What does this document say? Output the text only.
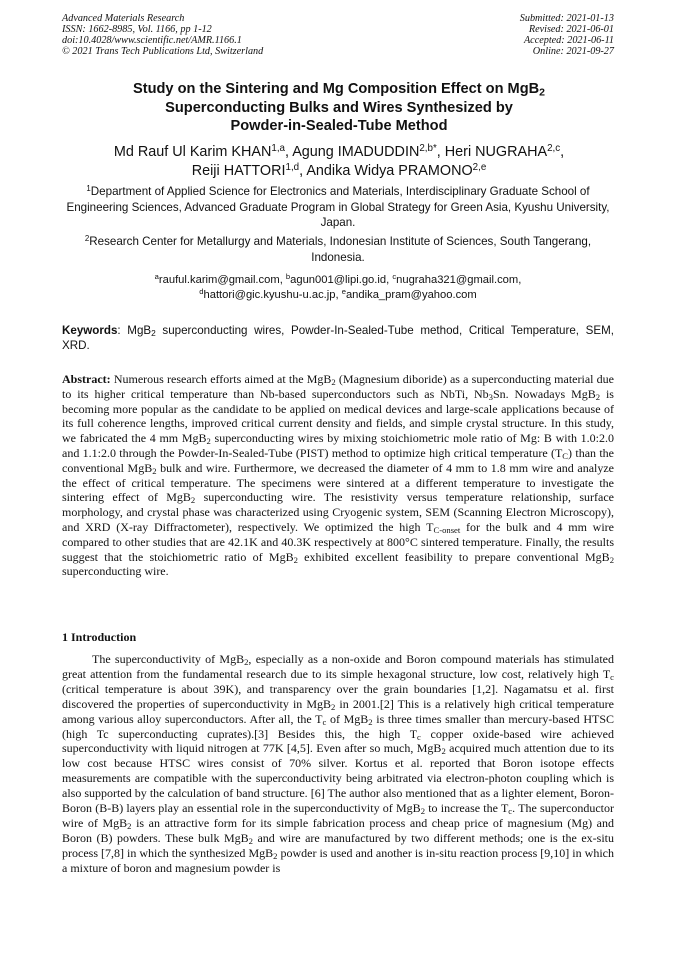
Advanced Materials Research
ISSN: 1662-8985, Vol. 1166, pp 1-12
doi:10.4028/www.scientific.net/AMR.1166.1
© 2021 Trans Tech Publications Ltd, Switzerland
Submitted: 2021-01-13
Revised: 2021-06-01
Accepted: 2021-06-11
Online: 2021-09-27
Study on the Sintering and Mg Composition Effect on MgB$_2$
Superconducting Bulks and Wires Synthesized by
Powder-in-Sealed-Tube Method
Md Rauf Ul Karim KHAN$^{1,a}$, Agung $IMADUDDIN^{2,b*}$, Heri NUGRAHA$^{2,c}$,
Reiji HATTORI$^{1,d}$, Andika Widya PRAMONO$^{2,e}$
$^1$Department of Applied Science for Electronics and Materials, Interdisciplinary Graduate School of Engineering Sciences, Advanced Graduate Program in Global Strategy for Green Asia, Kyushu University, Japan.
$^2$Research Center for Metallurgy and Materials, Indonesian Institute of Sciences, South Tangerang, Indonesia.
$^a$rauful.karim@gmail.com, $^b$agun001@lipi.go.id, $^c$nugraha321@gmail.com,
$^d$hattori@gic.kyushu-u.ac.jp, $^e$andika_pram@yahoo.com
Keywords: MgB$_2$ superconducting wires, Powder-In-Sealed-Tube method, Critical Temperature, SEM, XRD.
Abstract: Numerous research efforts aimed at the MgB$_2$ (Magnesium diboride) as a superconducting material due to its higher critical temperature than Nb-based superconductors such as NbTi, $Nb_3Sn$. Nowadays MgB$_2$ is becoming more popular as the candidate to be applied on medical devices and large-scale applications because of its full coherence lengths, improved critical current density and fields, and simple crystal structure. In this study, we fabricated the 4 mm MgB$_2$ superconducting wires by mixing stoichiometric mole ratio of Mg: B with 1.0:2.0 and 1.1:2.0 through the Powder-In-Sealed-Tube (PIST) method to optimize high critical temperature $(T_C)$ than the conventional MgB$_2$ bulk and wire. Furthermore, we decreased the diameter of 4 mm to 1.8 mm wire and analyze the effect of critical temperature. The specimens were sintered at a different temperature to investigate the sintering effect of MgB$_2$ superconducting wire. The resistivity versus temperature relationship, surface morphology, and crystal phase was characterized using Cryogenic system, SEM (Scanning Electron Microscopy), and XRD (X-ray Diffractometer), respectively. We optimized the high $T_{C-onset}$ for the bulk and 4 mm wire compared to other studies that are 42.1K and 40.3K respectively at 800°C sintered temperature. Finally, the results suggest that the stoichiometric ratio of MgB$_2$ exhibited excellent feasibility to prepare conventional MgB$_2$ superconducting wire.
1 Introduction
The superconductivity of MgB$_2$, especially as a non-oxide and Boron compound materials has stimulated great attention from the fundamental research due to its simple hexagonal structure, low cost, relatively high $T_c$ (critical temperature is about 39K), and transparency over the grain boundaries [1,2]. Nagamatsu et al. first discovered the properties of superconductivity in MgB$_2$ in 2001.[2] This is a relatively high critical temperature among various alloy superconductors. After all, the $T_c$ of MgB$_2$ is three times smaller than mercury-based HTSC (high Tc superconducting cuprates).[3] Besides this, the high $T_c$ copper oxide-based wire achieved superconductivity with liquid nitrogen at 77K [4,5]. Even after so much, MgB$_2$ acquired much attention due to its low cost because HTSC wires consist of 70% silver. Kortus et al. reported that Boron isotope effects measurements are compatible with the superconductivity being arbitrated via electron-photon coupling which is also supported by the calculation of band structure. [6] The author also mentioned that as a lighter element, Boron-Boron (B-B) layers play an essential role in the superconductivity of MgB$_2$ to increase the $T_c$. The superconductor wire of MgB$_2$ is an attractive form for its simple fabrication process and cheap price of magnesium (Mg) and Boron (B) powders. These bulk MgB$_2$ and wire are manufactured by two different methods; one is the ex-situ process [7,8] in which the synthesized MgB$_2$ powder is used and another is in-situ reaction process [9,10] in which a mixture of boron and magnesium powder is
